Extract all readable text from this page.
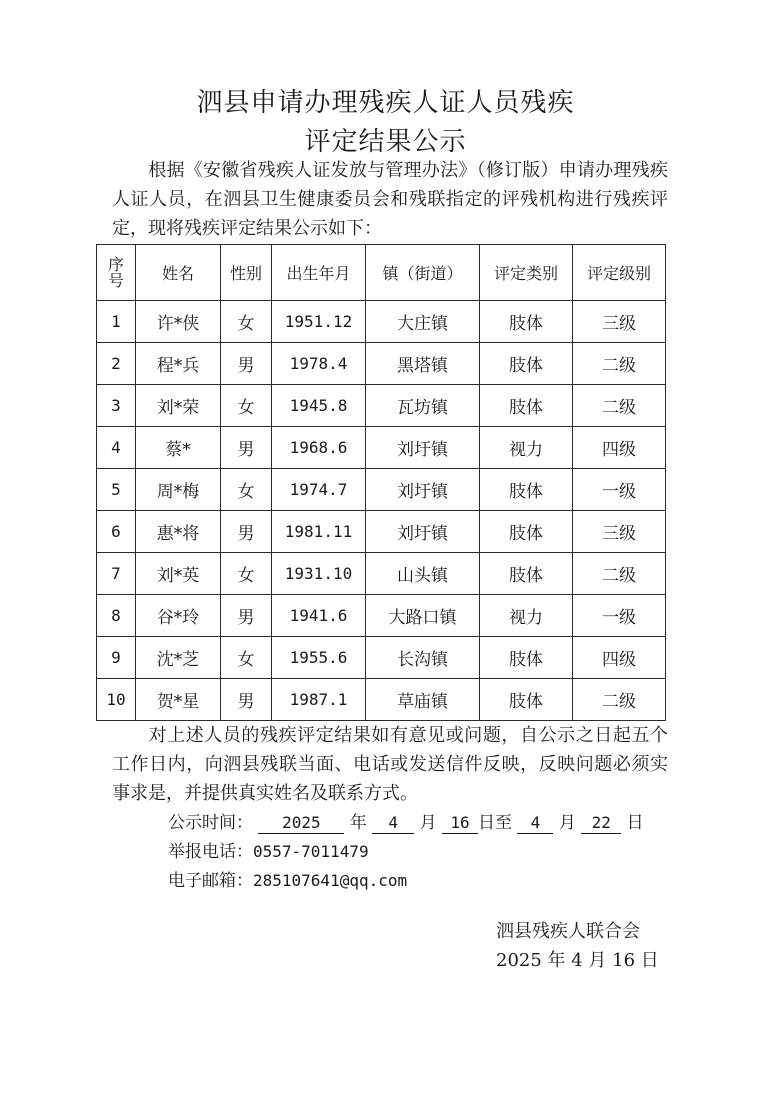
泗县申请办理残疾人证人员残疾
评定结果公示
根据《安徽省残疾人证发放与管理办法》（修订版）申请办理残疾人证人员，在泗县卫生健康委员会和残联指定的评残机构进行残疾评定，现将残疾评定结果公示如下：
序
号	姓名	性别	出生年月	镇（街道）	评定类别	评定级别
1	许*侠	女	1951.12	大庄镇	肢体	三级
2	程*兵	男	1978.4	黑塔镇	肢体	二级
3	刘*荣	女	1945.8	瓦坊镇	肢体	二级
4	蔡*	男	1968.6	刘圩镇	视力	四级
5	周*梅	女	1974.7	刘圩镇	肢体	一级
6	惠*将	男	1981.11	刘圩镇	肢体	三级
7	刘*英	女	1931.10	山头镇	肢体	二级
8	谷*玲	男	1941.6	大路口镇	视力	一级
9	沈*芝	女	1955.6	长沟镇	肢体	四级
10	贺*星	男	1987.1	草庙镇	肢体	二级
对上述人员的残疾评定结果如有意见或问题，自公示之日起五个工作日内，向泗县残联当面、电话或发送信件反映，反映问题必须实事求是，并提供真实姓名及联系方式。
公示时间： 2025 年 4 月 16 日至 4 月 22 日
举报电话：0557-7011479
电子邮箱：285107641@qq.com
泗县残疾人联合会
2025 年 4 月 16 日
